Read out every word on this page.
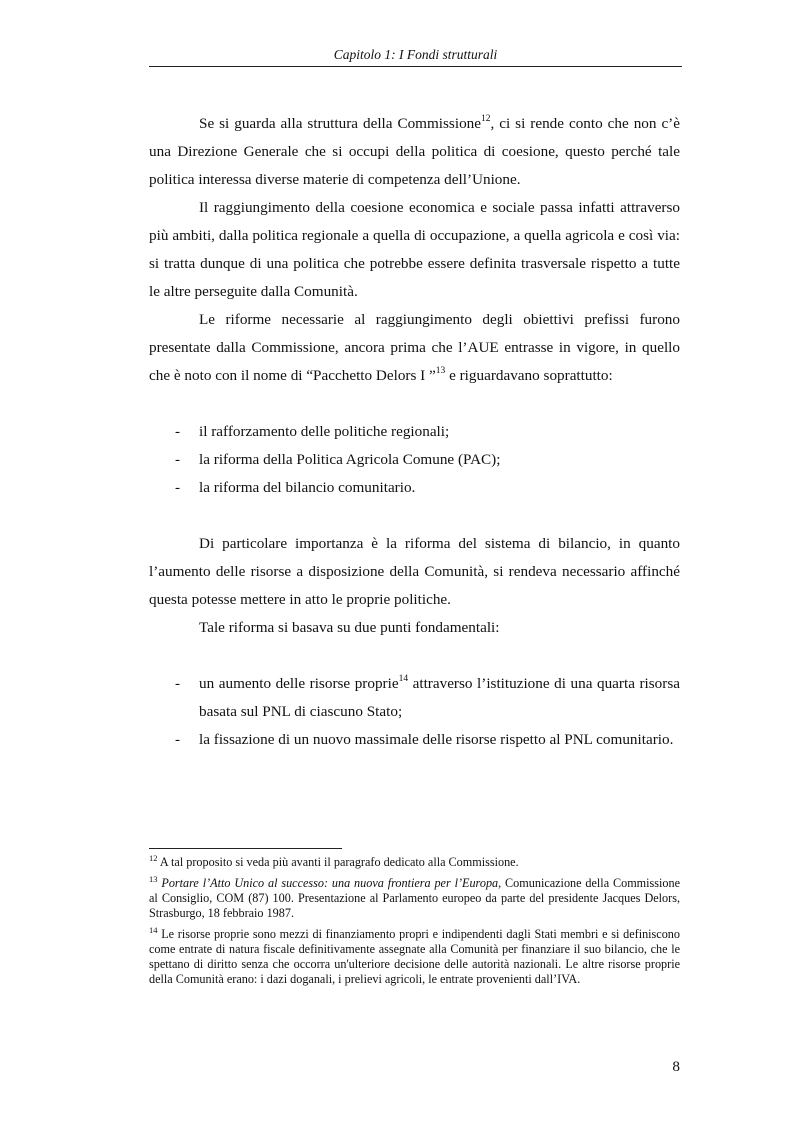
Capitolo 1: I Fondi strutturali

Se si guarda alla struttura della Commissione$^{12}$, ci si rende conto che non c’è una Direzione Generale che si occupi della politica di coesione, questo perché tale politica interessa diverse materie di competenza dell’Unione.

Il raggiungimento della coesione economica e sociale passa infatti attraverso più ambiti, dalla politica regionale a quella di occupazione, a quella agricola e così via: si tratta dunque di una politica che potrebbe essere definita trasversale rispetto a tutte le altre perseguite dalla Comunità.

Le riforme necessarie al raggiungimento degli obiettivi prefissi furono presentate dalla Commissione, ancora prima che l’AUE entrasse in vigore, in quello che è noto con il nome di “Pacchetto Delors I ”$^{13}$ e riguardavano soprattutto:

- il rafforzamento delle politiche regionali;
- la riforma della Politica Agricola Comune (PAC);
- la riforma del bilancio comunitario.

Di particolare importanza è la riforma del sistema di bilancio, in quanto l’aumento delle risorse a disposizione della Comunità, si rendeva necessario affinché questa potesse mettere in atto le proprie politiche.

Tale riforma si basava su due punti fondamentali:

- un aumento delle risorse proprie$^{14}$ attraverso l’istituzione di una quarta risorsa basata sul PNL di ciascuno Stato;
- la fissazione di un nuovo massimale delle risorse rispetto al PNL comunitario.

$^{12}$ A tal proposito si veda più avanti il paragrafo dedicato alla Commissione.

$^{13}$ Portare l’Atto Unico al successo: una nuova frontiera per l’Europa, Comunicazione della Commissione al Consiglio, COM (87) 100. Presentazione al Parlamento europeo da parte del presidente Jacques Delors, Strasburgo, 18 febbraio 1987.

$^{14}$ Le risorse proprie sono mezzi di finanziamento propri e indipendenti dagli Stati membri e si definiscono come entrate di natura fiscale definitivamente assegnate alla Comunità per finanziare il suo bilancio, che le spettano di diritto senza che occorra un'ulteriore decisione delle autorità nazionali. Le altre risorse proprie della Comunità erano: i dazi doganali, i prelievi agricoli, le entrate provenienti dall’IVA.

8
